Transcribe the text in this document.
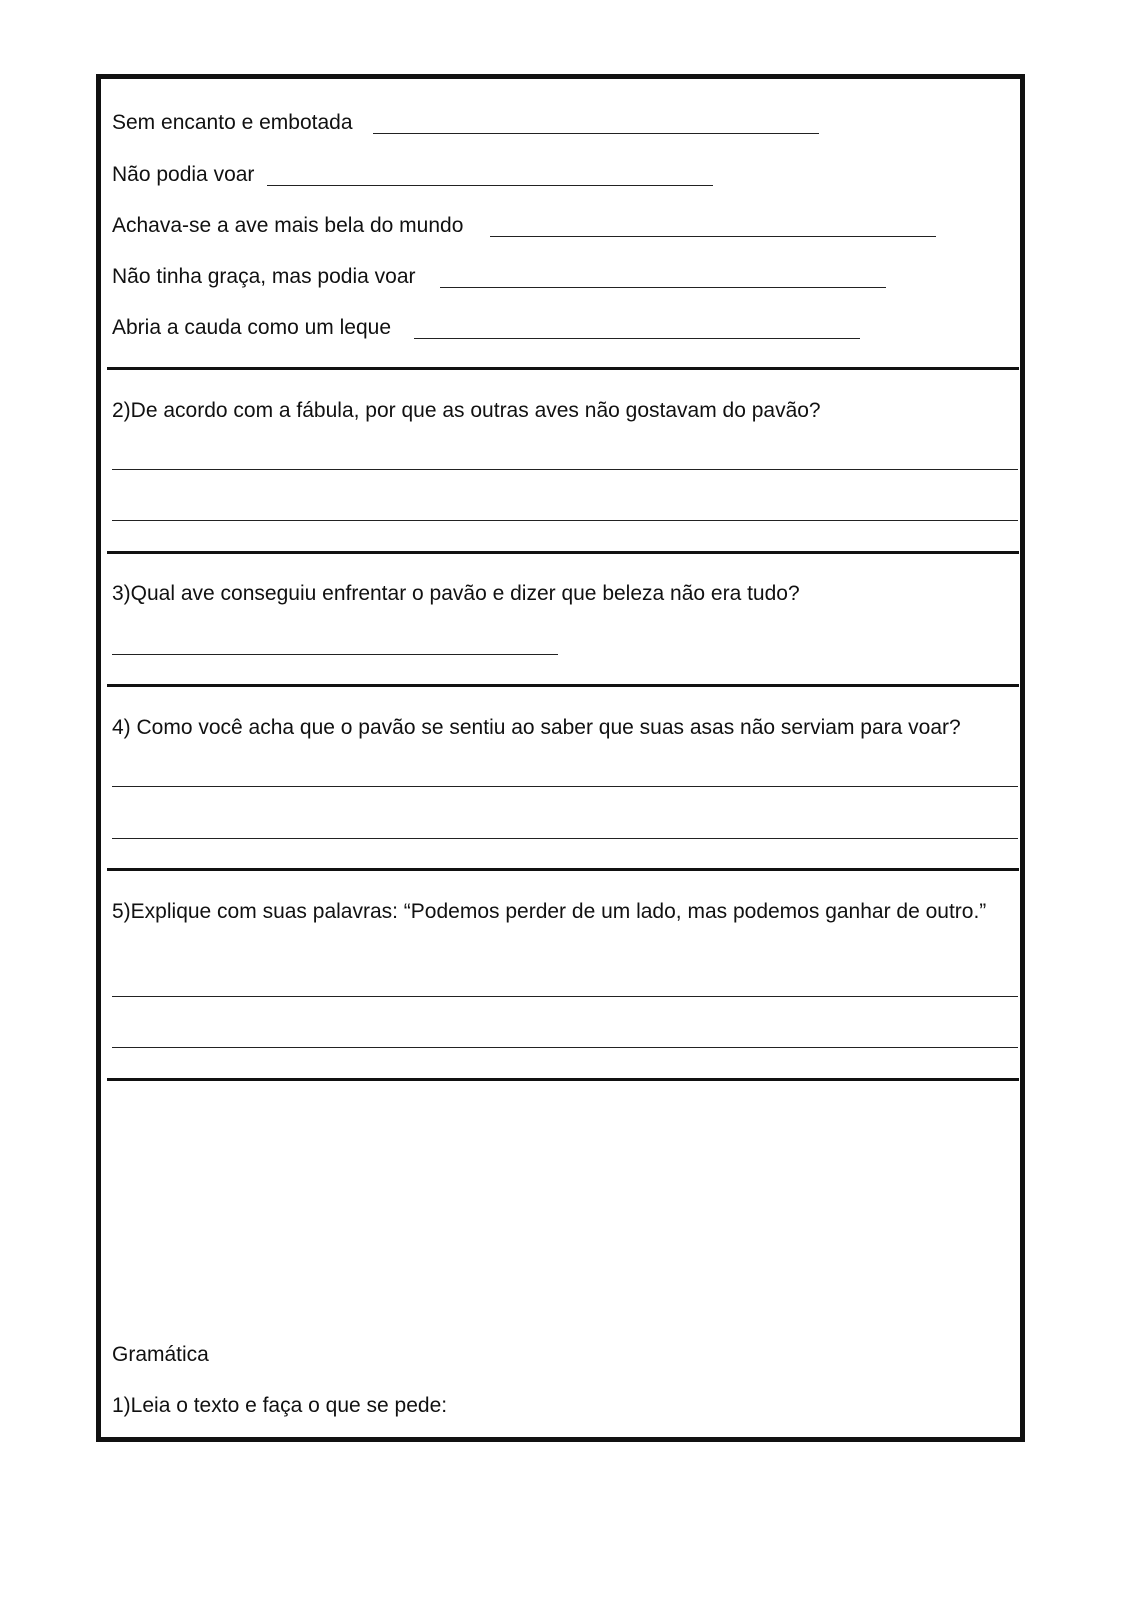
Sem encanto e embotada
Não podia voar
Achava-se a ave mais bela do mundo
Não tinha graça, mas podia voar
Abria a cauda como um leque
2)De acordo com a fábula, por que as outras aves não gostavam do pavão?
3)Qual ave conseguiu enfrentar o pavão e dizer que beleza não era tudo?
4) Como você acha que o pavão se sentiu ao saber que suas asas não serviam para voar?
5)Explique com suas palavras: “Podemos perder de um lado, mas podemos ganhar de outro.”
Gramática
1)Leia o texto e faça o que se pede:
